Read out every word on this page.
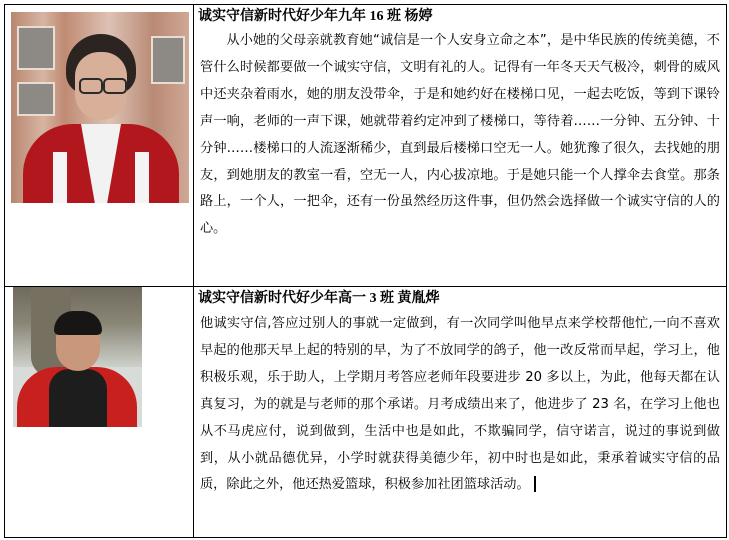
	诚实守信新时代好少年九年 16 班 杨婷
从小她的父母亲就教育她“诚信是一个人安身立命之本”，是中华民族的传统美德，不管什么时候都要做一个诚实守信，文明有礼的人。记得有一年冬天天气极冷，刺骨的威风中还夹杂着雨水，她的朋友没带伞，于是和她约好在楼梯口见，一起去吃饭，等到下课铃声一响，老师的一声下课，她就带着约定冲到了楼梯口，等待着……一分钟、五分钟、十分钟……楼梯口的人流逐渐稀少，直到最后楼梯口空无一人。她犹豫了很久，去找她的朋友，到她朋友的教室一看，空无一人，内心拔凉地。于是她只能一个人撑伞去食堂。那条路上，一个人，一把伞，还有一份虽然经历这件事，但仍然会选择做一个诚实守信的人的心。

	诚实守信新时代好少年高一 3 班 黄胤烨
他诚实守信,答应过别人的事就一定做到，有一次同学叫他早点来学校帮他忙,一向不喜欢早起的他那天早上起的特别的早，为了不放同学的鸽子，他一改反常而早起，学习上，他积极乐观，乐于助人，上学期月考答应老师年段要进步 20 多以上，为此，他每天都在认真复习，为的就是与老师的那个承诺。月考成绩出来了，他进步了 23 名，在学习上他也从不马虎应付，说到做到，生活中也是如此，不欺骗同学，信守诺言，说过的事说到做到，从小就品德优异，小学时就获得美德少年，初中时也是如此，秉承着诚实守信的品质，除此之外，他还热爱篮球，积极参加社团篮球活动。
